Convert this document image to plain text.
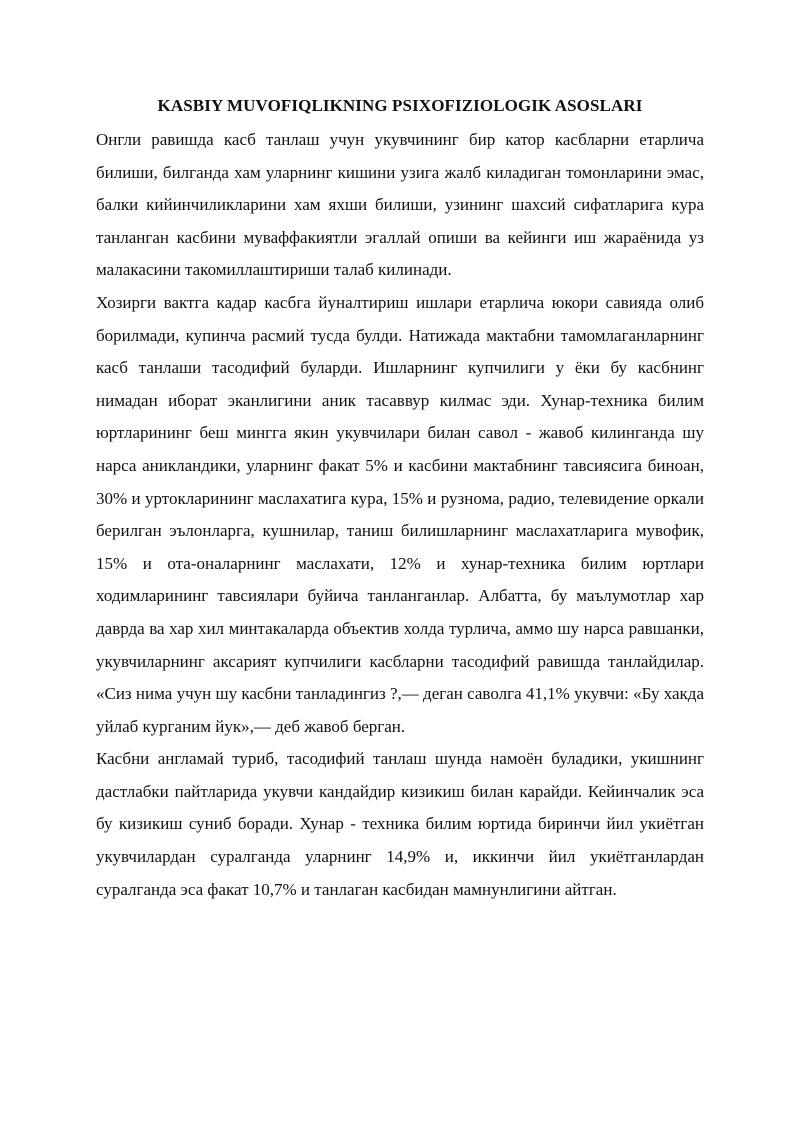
KASBIY MUVOFIQLIKNING PSIXOFIZIOLOGIK ASOSLARI

Онгли равишда касб танлаш учун укувчининг бир катор касбларни етарлича билиши, билганда хам уларнинг кишини узига жалб киладиган томонларини эмас, балки кийинчиликларини хам яхши билиши, узининг шахсий сифатларига кура танланган касбини муваффакиятли эгаллай опиши ва кейинги иш жараёнида уз малакасини такомиллаштириши талаб килинади.

Хозирги вактга кадар касбга йуналтириш ишлари етарлича юкори савияда олиб борилмади, купинча расмий тусда булди. Натижада мактабни тамомлаганларнинг касб танлаши тасодифий буларди. Ишларнинг купчилиги у ёки бу касбнинг нимадан иборат эканлигини аник тасаввур килмас эди. Хунар-техника билим юртларининг беш мингга якин укувчилари билан савол - жавоб килинганда шу нарса аникландики, уларнинг факат 5% и касбини мактабнинг тавсиясига биноан, 30% и уртокларининг маслахатига кура, 15% и рузнома, радио, телевидение оркали берилган эълонларга, кушнилар, таниш билишларнинг маслахатларига мувофик, 15% и ота-оналарнинг маслахати, 12% и хунар-техника билим юртлари ходимларининг тавсиялари буйича танланганлар. Албатта, бу маълумотлар хар даврда ва хар хил минтакаларда объектив холда турлича, аммо шу нарса равшанки, укувчиларнинг аксарият купчилиги касбларни тасодифий равишда танлайдилар. «Сиз нима учун шу касбни танладингиз ?,— деган саволга 41,1% укувчи: «Бу хакда уйлаб курганим йук»,— деб жавоб берган.

Касбни англамай туриб, тасодифий танлаш шунда намоён буладики, укишнинг дастлабки пайтларида укувчи кандайдир кизикиш билан карайди. Кейинчалик эса бу кизикиш суниб боради. Хунар - техника билим юртида биринчи йил укиётган укувчилардан суралганда уларнинг 14,9% и, иккинчи йил укиётганлардан суралганда эса факат 10,7% и танлаган касбидан мамнунлигини айтган.
